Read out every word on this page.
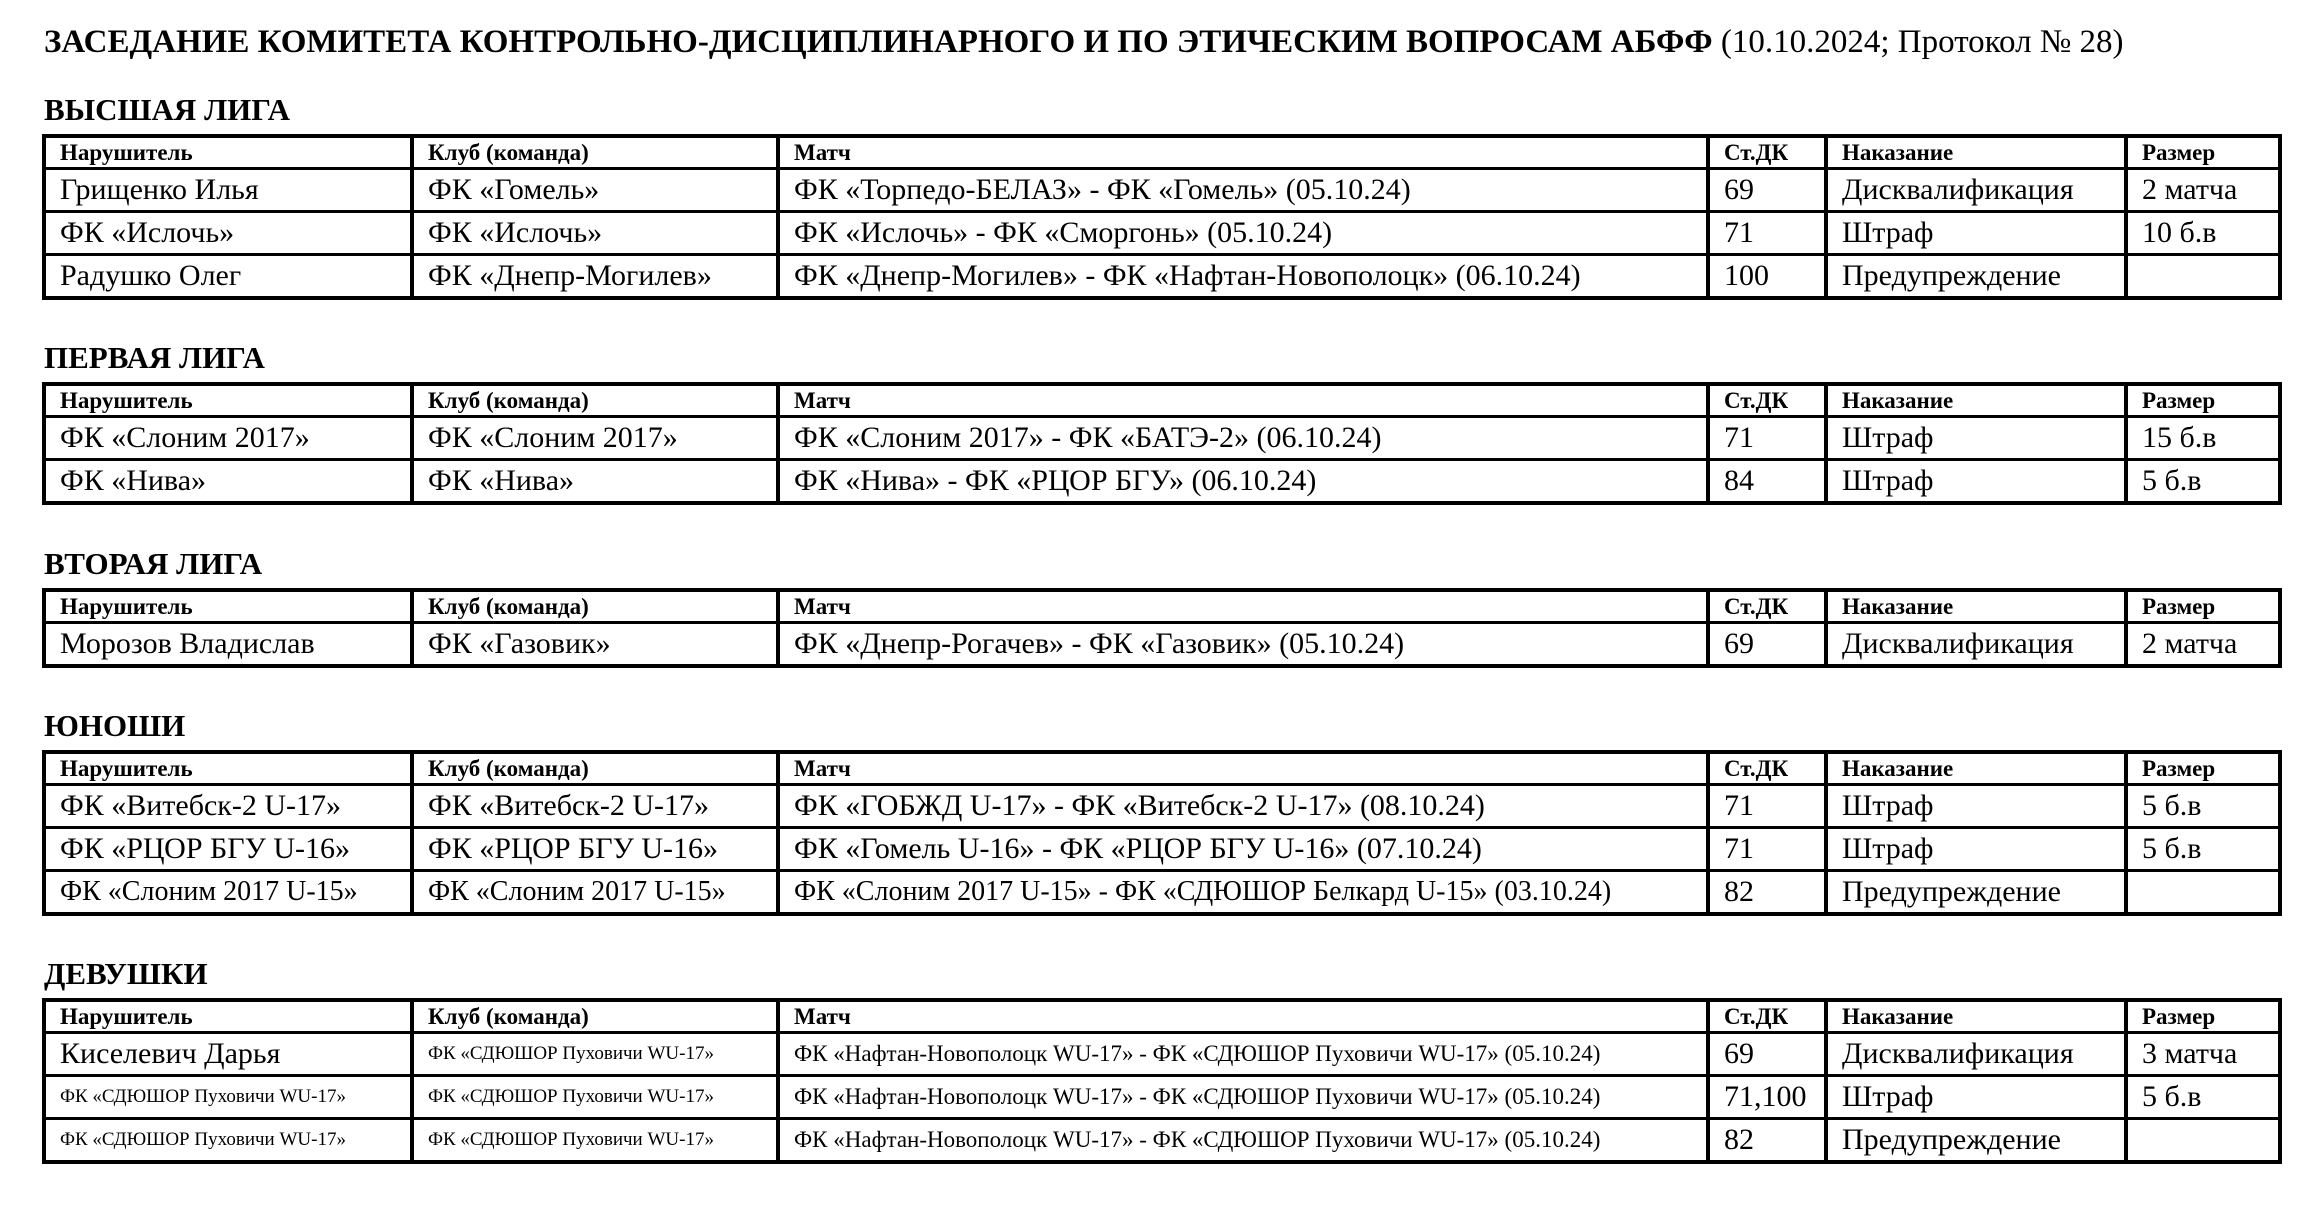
ЗАСЕДАНИЕ КОМИТЕТА КОНТРОЛЬНО-ДИСЦИПЛИНАРНОГО И ПО ЭТИЧЕСКИМ ВОПРОСАМ АБФФ (10.10.2024; Протокол № 28)
ВЫСШАЯ ЛИГА
Нарушитель	Клуб (команда)	Матч	Ст.ДК	Наказание	Размер
Грищенко Илья	ФК «Гомель»	ФК «Торпедо-БЕЛАЗ» - ФК «Гомель» (05.10.24)	69	Дисквалификация	2 матча
ФК «Ислочь»	ФК «Ислочь»	ФК «Ислочь» - ФК «Сморгонь» (05.10.24)	71	Штраф	10 б.в
Радушко Олег	ФК «Днепр-Могилев»	ФК «Днепр-Могилев» - ФК «Нафтан-Новополоцк» (06.10.24)	100	Предупреждение	
ПЕРВАЯ ЛИГА
Нарушитель	Клуб (команда)	Матч	Ст.ДК	Наказание	Размер
ФК «Слоним 2017»	ФК «Слоним 2017»	ФК «Слоним 2017» - ФК «БАТЭ-2» (06.10.24)	71	Штраф	15 б.в
ФК «Нива»	ФК «Нива»	ФК «Нива» - ФК «РЦОР БГУ» (06.10.24)	84	Штраф	5 б.в
ВТОРАЯ ЛИГА
Нарушитель	Клуб (команда)	Матч	Ст.ДК	Наказание	Размер
Морозов Владислав	ФК «Газовик»	ФК «Днепр-Рогачев» - ФК «Газовик» (05.10.24)	69	Дисквалификация	2 матча
ЮНОШИ
Нарушитель	Клуб (команда)	Матч	Ст.ДК	Наказание	Размер
ФК «Витебск-2 U-17»	ФК «Витебск-2 U-17»	ФК «ГОБЖД U-17» - ФК «Витебск-2 U-17» (08.10.24)	71	Штраф	5 б.в
ФК «РЦОР БГУ U-16»	ФК «РЦОР БГУ U-16»	ФК «Гомель U-16» - ФК «РЦОР БГУ U-16» (07.10.24)	71	Штраф	5 б.в
ФК «Слоним 2017 U-15»	ФК «Слоним 2017 U-15»	ФК «Слоним 2017 U-15» - ФК «СДЮШОР Белкард U-15» (03.10.24)	82	Предупреждение	
ДЕВУШКИ
Нарушитель	Клуб (команда)	Матч	Ст.ДК	Наказание	Размер
Киселевич Дарья	ФК «СДЮШОР Пуховичи WU-17»	ФК «Нафтан-Новополоцк WU-17» - ФК «СДЮШОР Пуховичи WU-17» (05.10.24)	69	Дисквалификация	3 матча
ФК «СДЮШОР Пуховичи WU-17»	ФК «СДЮШОР Пуховичи WU-17»	ФК «Нафтан-Новополоцк WU-17» - ФК «СДЮШОР Пуховичи WU-17» (05.10.24)	71,100	Штраф	5 б.в
ФК «СДЮШОР Пуховичи WU-17»	ФК «СДЮШОР Пуховичи WU-17»	ФК «Нафтан-Новополоцк WU-17» - ФК «СДЮШОР Пуховичи WU-17» (05.10.24)	82	Предупреждение	
